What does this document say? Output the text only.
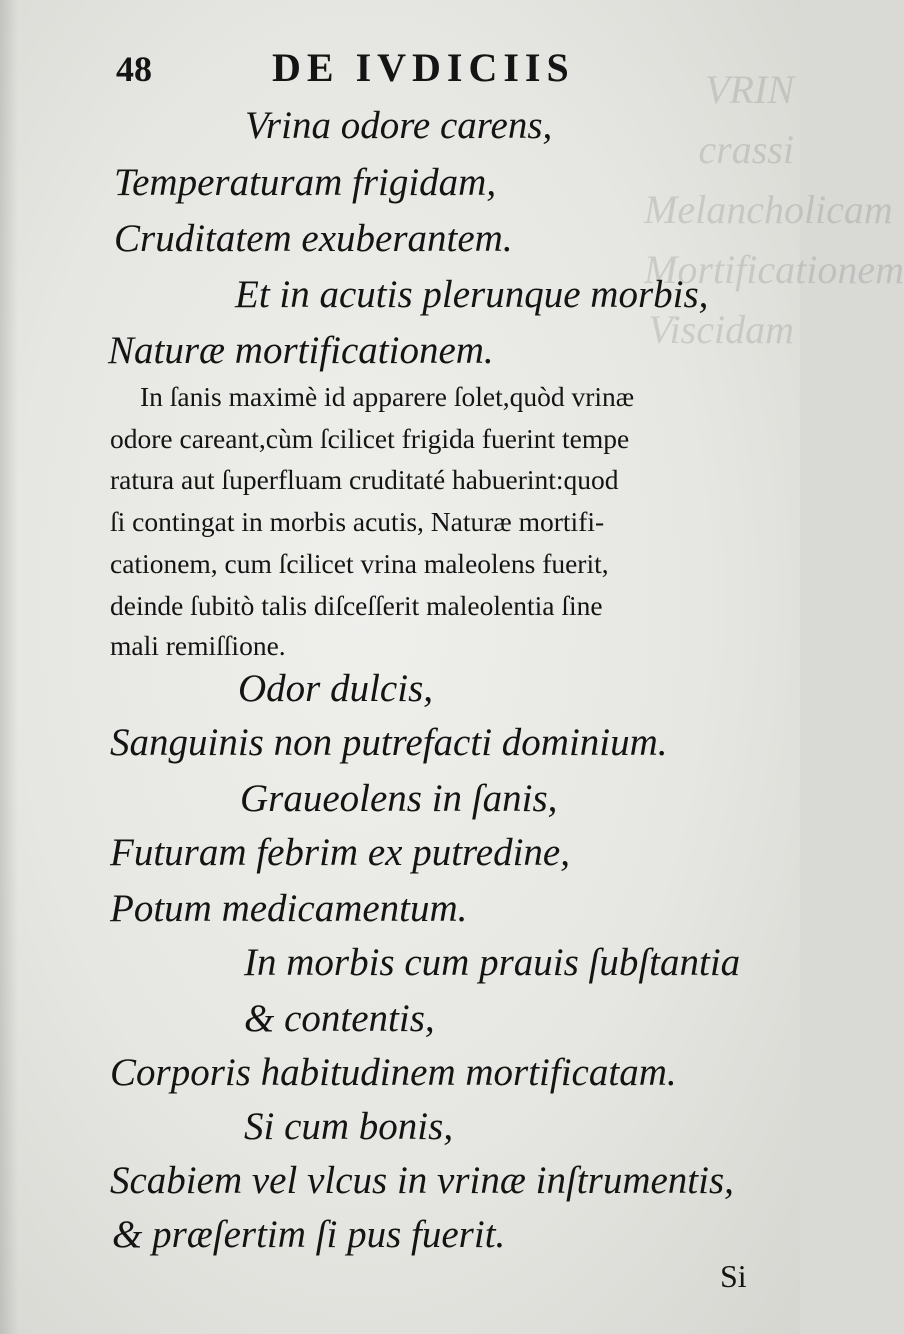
VRIN
crassi
Melancholicam
Mortificationem
Viscidam
48	DE IVDICIIS
Vrina odore carens,
Temperaturam frigidam,
Cruditatem exuberantem.
Et in acutis plerunque morbis,
Naturæ mortificationem.
In ſanis maximè id apparere ſolet,quòd vrinæ
odore careant,cùm ſcilicet frigida fuerint tempe
ratura aut ſuperfluam cruditaté habuerint:quod
ſi contingat in morbis acutis, Naturæ mortifi-
cationem, cum ſcilicet vrina maleolens fuerit,
deinde ſubitò talis diſceſſerit maleolentia ſine
mali remiſſione.
Odor dulcis,
Sanguinis non putrefacti dominium.
Graueolens in ſanis,
Futuram febrim ex putredine,
Potum medicamentum.
In morbis cum prauis ſubſtantia
& contentis,
Corporis habitudinem mortificatam.
Si cum bonis,
Scabiem vel vlcus in vrinæ inſtrumentis,
& præſertim ſi pus fuerit.
Si
